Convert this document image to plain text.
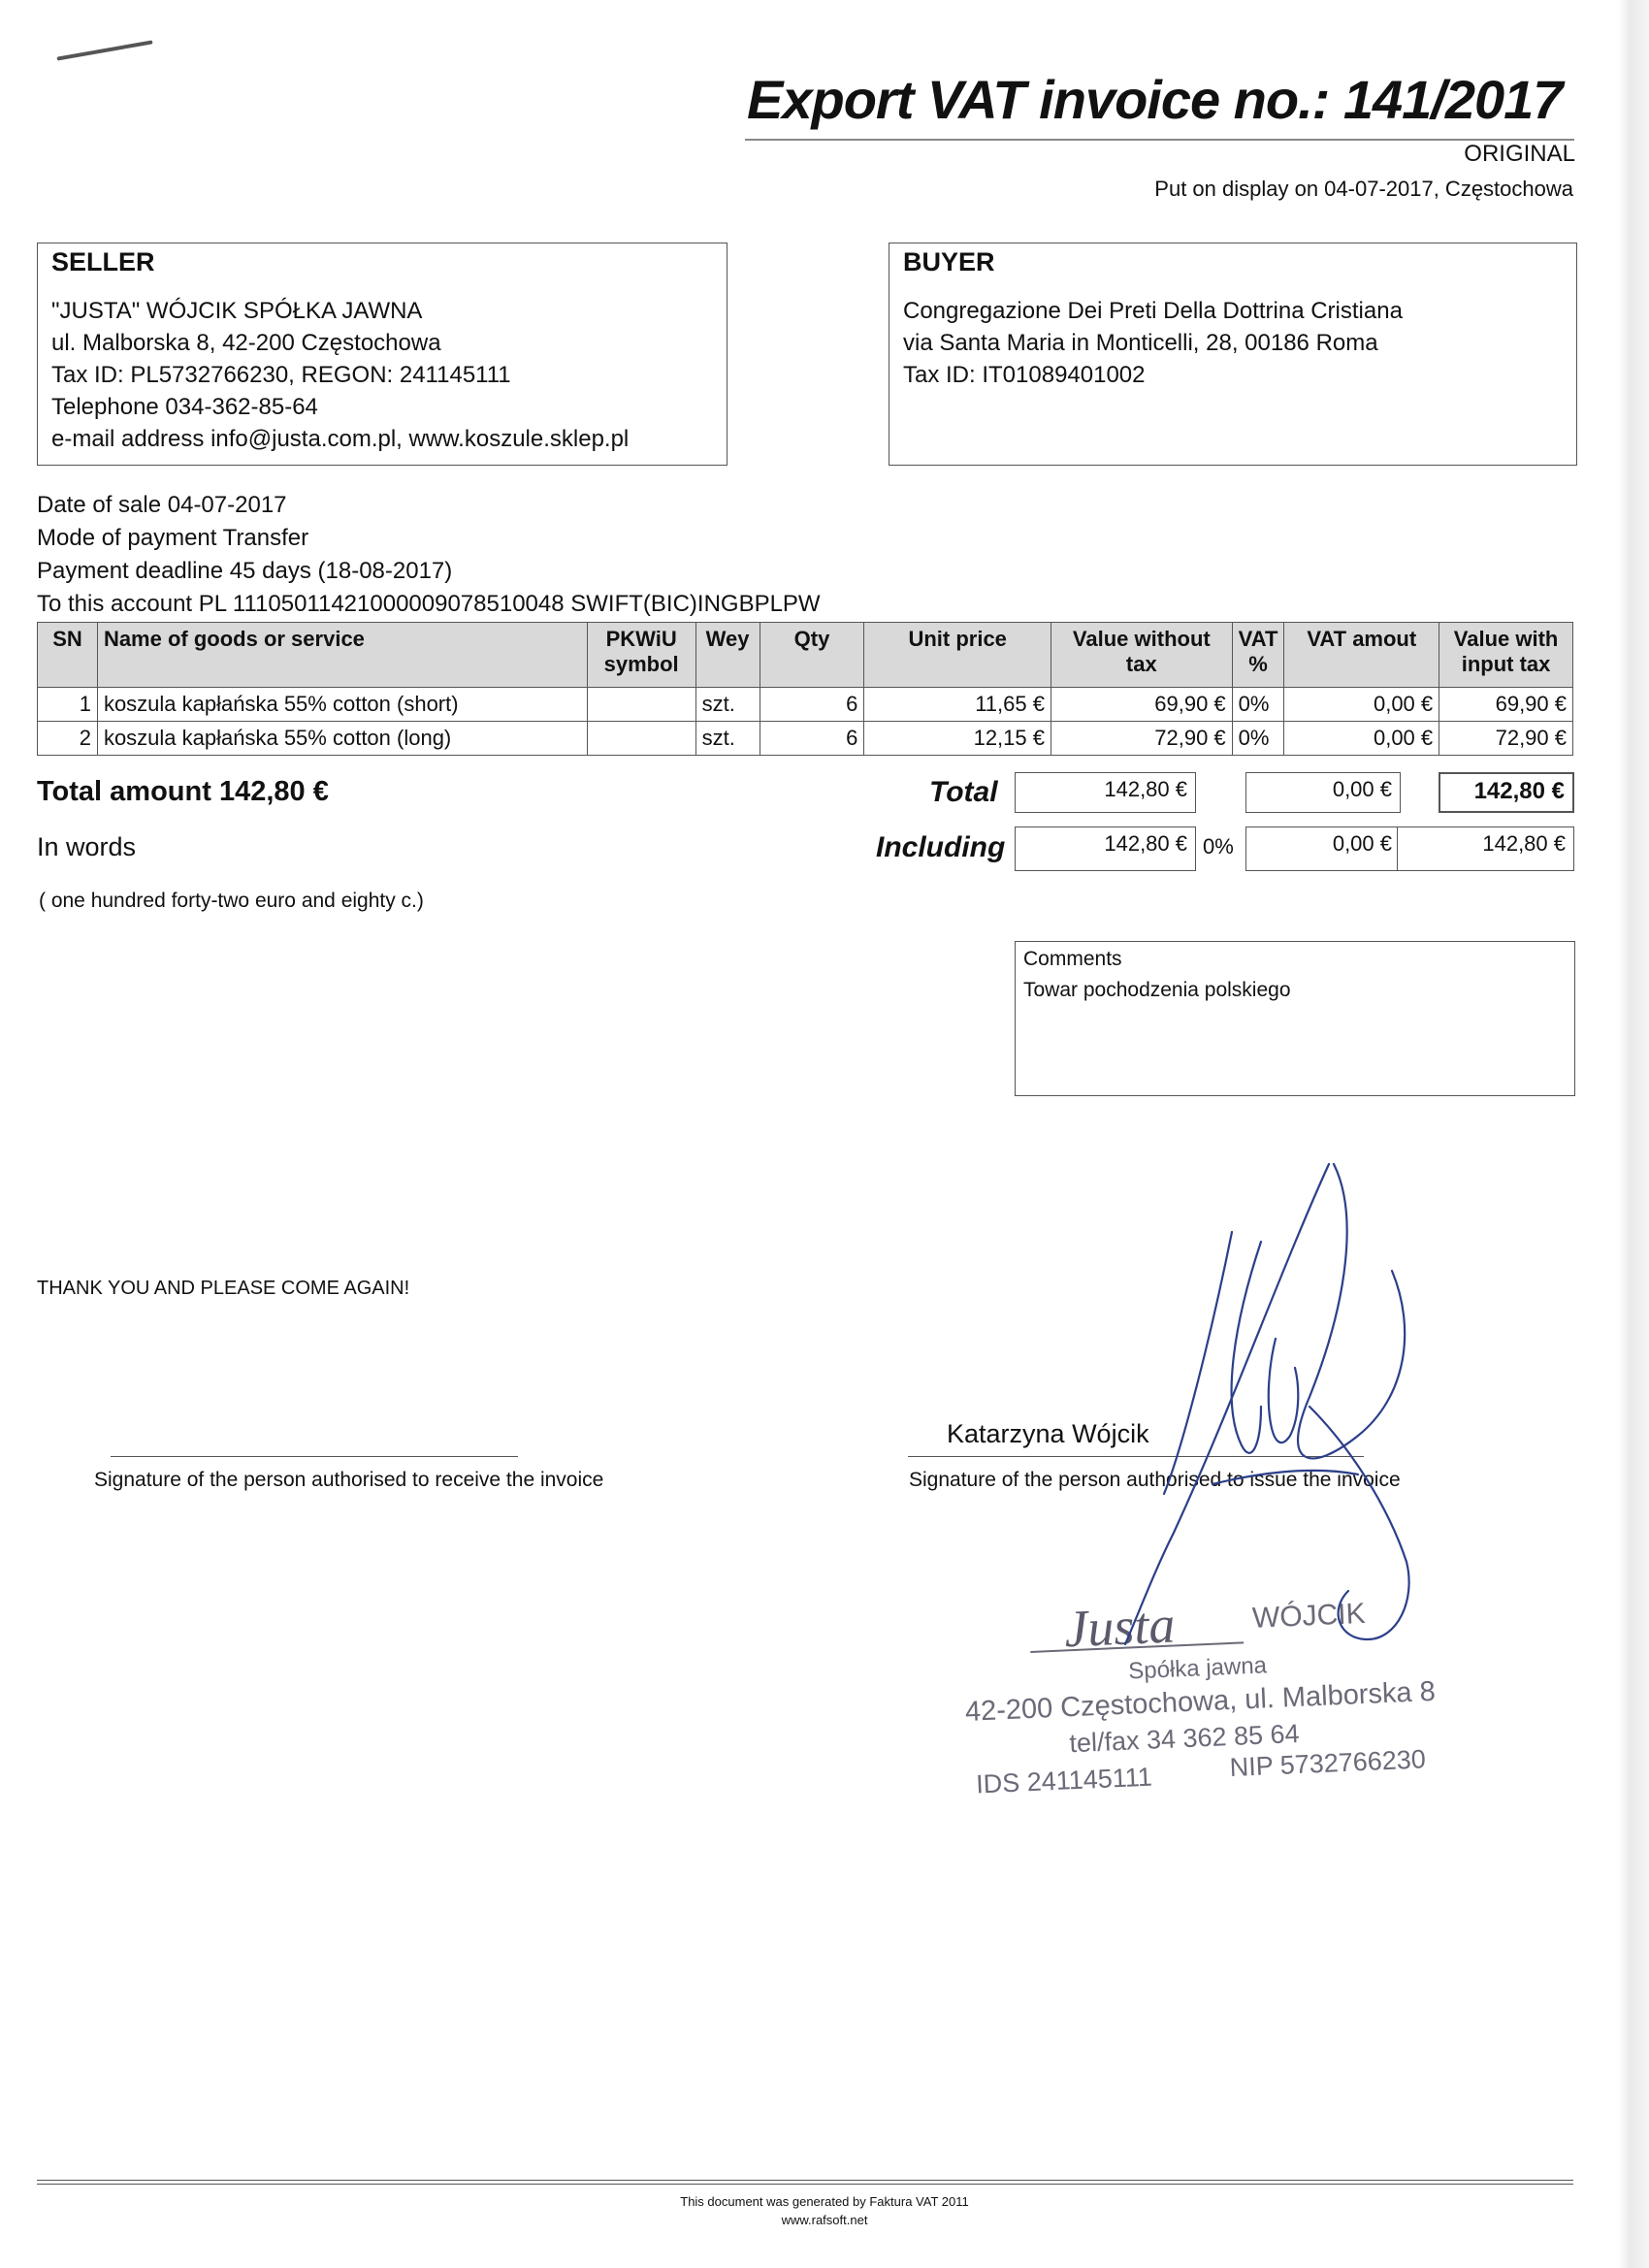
Export VAT invoice no.: 141/2017
ORIGINAL
Put on display on 04-07-2017, Częstochowa
SELLER
"JUSTA" WÓJCIK SPÓŁKA JAWNA
ul. Malborska 8, 42-200 Częstochowa
Tax ID: PL5732766230, REGON: 241145111
Telephone 034-362-85-64
e-mail address info@justa.com.pl, www.koszule.sklep.pl
BUYER
Congregazione Dei Preti Della Dottrina Cristiana
via Santa Maria in Monticelli, 28, 00186 Roma
Tax ID: IT01089401002
Date of sale 04-07-2017
Mode of payment Transfer
Payment deadline 45 days (18-08-2017)
To this account PL 11105011421000009078510048 SWIFT(BIC)INGBPLPW
SN	Name of goods or service	PKWiU symbol	Wey	Qty	Unit price	Value without tax	VAT %	VAT amout	Value with input tax
1	koszula kapłańska 55% cotton (short)		szt.	6	11,65 €	69,90 €	0%	0,00 €	69,90 €
2	koszula kapłańska 55% cotton (long)		szt.	6	12,15 €	72,90 €	0%	0,00 €	72,90 €
Total amount 142,80 €	Total	142,80 €	0,00 €	142,80 €
In words	Including	142,80 € 0%	0,00 €	142,80 €
( one hundred forty-two euro and eighty c.)
Comments
Towar pochodzenia polskiego
THANK YOU AND PLEASE COME AGAIN!
Signature of the person authorised to receive the invoice
Katarzyna Wójcik
Signature of the person authorised to issue the invoice
Justa	WÓJCIK
Spółka jawna
42-200 Częstochowa, ul. Malborska 8
tel/fax 34 362 85 64
IDS 241145111	NIP 5732766230
This document was generated by Faktura VAT 2011
www.rafsoft.net
